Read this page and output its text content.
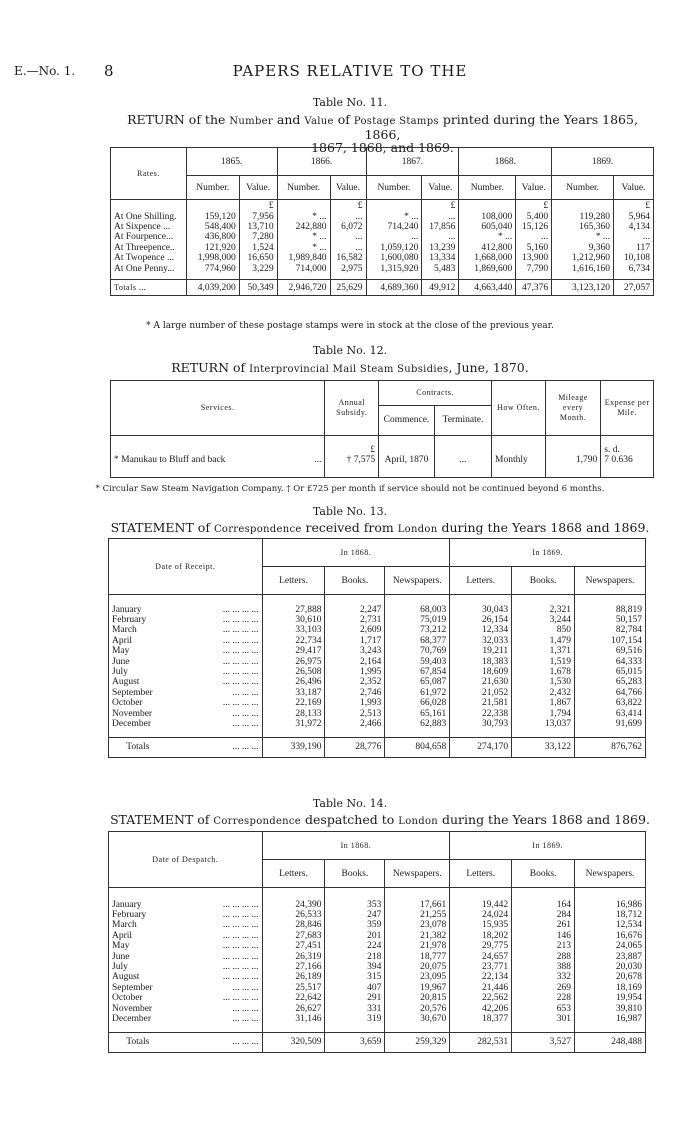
E.—No. 1. 8	PAPERS RELATIVE TO THE
Table No. 11.
RETURN of the Number and Value of Postage Stamps printed during the Years 1865, 1866,
1867, 1868, and 1869.
Rates.	1865.		1866.		1867.		1868.		1869.	
	Number.	Value.	Number.	Value.	Number.	Value.	Number.	Value.	Number.	Value.
		£		£		£		£		£
At One Shilling.	159,120	7,956	* ...	...	* ...	...	108,000	5,400	119,280	5,964
At Sixpence ...	548,400	13,710	242,880	6,072	714,240	17,856	605,040	15,126	165,360	4,134
At Fourpence...	436,800	7,280	* ...	...	...	...	* ...	...	* ...	...
At Threepence..	121,920	1,524	* ...	...	1,059,120	13,239	412,800	5,160	9,360	117
At Twopence ...	1,998,000	16,650	1,989,840	16,582	1,600,080	13,334	1,668,000	13,900	1,212,960	10,108
At One Penny...	774,960	3,229	714,000	2,975	1,315,920	5,483	1,869,600	7,790	1,616,160	6,734

Totals ...	4,039,200	50,349	2,946,720	25,629	4,689,360	49,912	4,663,440	47,376	3,123,120	27,057
* A large number of these postage stamps were in stock at the close of the previous year.
Table No. 12.
RETURN of Interprovincial Mail Steam Subsidies, June, 1870.
Services.	Annual Subsidy.	Contracts.		How Often.	Mileage every Month.	Expense per Mile.
		Commence.	Terminate.			
	£					s. d.
* Manukau to Bluff and back ...	† 7,575	April, 1870	...	Monthly	1,790	7 0.636
* Circular Saw Steam Navigation Company. † Or £725 per month if service should not be continued beyond 6 months.
Table No. 13.
STATEMENT of Correspondence received from London during the Years 1868 and 1869.
Date of Receipt.	In 1868.			In 1869.		
	Letters.	Books.	Newspapers.	Letters.	Books.	Newspapers.

January ... ... ... ...	27,888	2,247	68,003	30,043	2,321	88,819
February ... ... ... ...	30,610	2,731	75,019	26,154	3,244	50,157
March ... ... ... ...	33,103	2,609	73,212	12,334	850	82,784
April ... ... ... ...	22,734	1,717	68,377	32,033	1,479	107,154
May ... ... ... ...	29,417	3,243	70,769	19,211	1,371	69,516
June ... ... ... ...	26,975	2,164	59,403	18,383	1,519	64,333
July ... ... ... ...	26,508	1,995	67,854	18,609	1,678	65,015
August ... ... ... ...	26,496	2,352	65,087	21,630	1,530	65,283
September ... ... ...	33,187	2,746	61,972	21,052	2,432	64,766
October ... ... ... ...	22,169	1,993	66,028	21,581	1,867	63,822
November ... ... ...	28,133	2,513	65,161	22,338	1,794	63,414
December ... ... ...	31,972	2,466	62,883	30,793	13,037	91,699

Totals ... ... ...	339,190	28,776	804,658	274,170	33,122	876,762
Table No. 14.
STATEMENT of Correspondence despatched to London during the Years 1868 and 1869.
Date of Despatch.	In 1868.			In 1869.		
	Letters.	Books.	Newspapers.	Letters.	Books.	Newspapers.

January ... ... ... ...	24,390	353	17,661	19,442	164	16,986
February ... ... ... ...	26,533	247	21,255	24,024	284	18,712
March ... ... ... ...	28,846	359	23,078	15,935	261	12,534
April ... ... ... ...	27,683	201	21,382	18,202	146	16,676
May ... ... ... ...	27,451	224	21,978	29,775	213	24,065
June ... ... ... ...	26,319	218	18,777	24,657	288	23,887
July ... ... ... ...	27,166	394	20,075	23,771	388	20,030
August ... ... ... ...	26,189	315	23,095	22,134	332	20,678
September ... ... ...	25,517	407	19,967	21,446	269	18,169
October ... ... ... ...	22,642	291	20,815	22,562	228	19,954
November ... ... ...	26,627	331	20,576	42,206	653	39,810
December ... ... ...	31,146	319	30,670	18,377	301	16,987

Totals ... ... ...	320,509	3,659	259,329	282,531	3,527	248,488
